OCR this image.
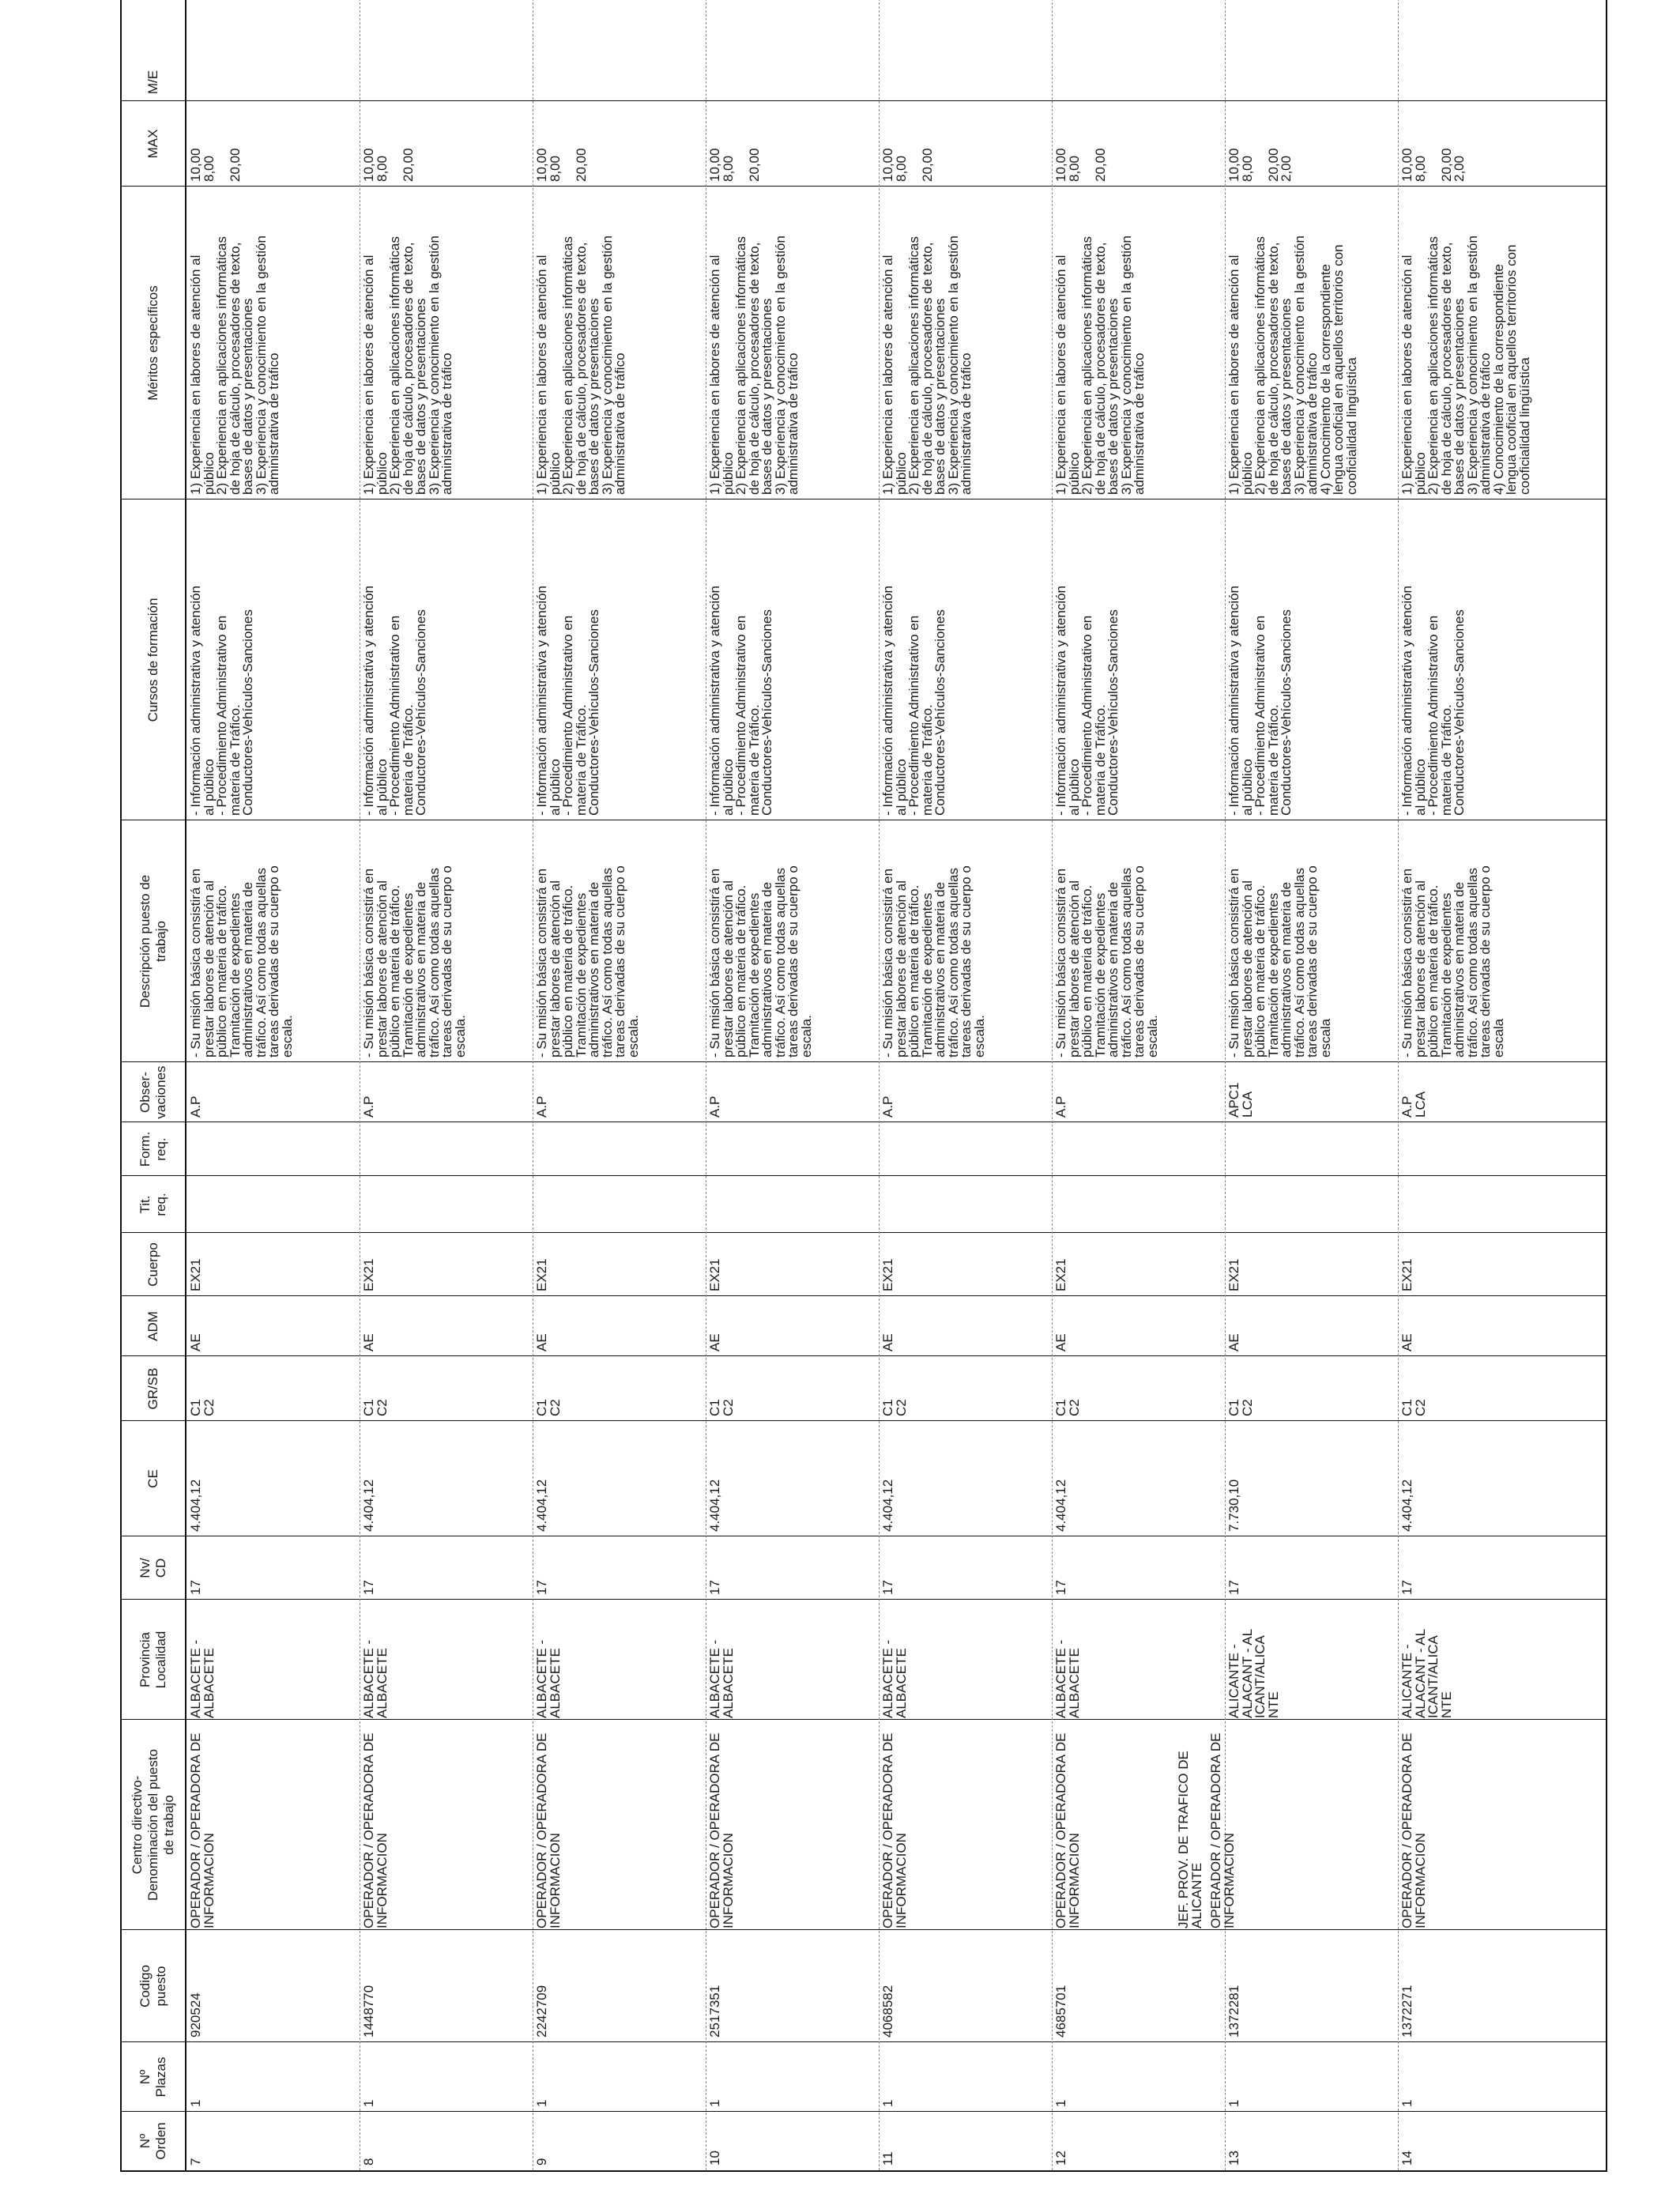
Nº
Orden
Nº
Plazas
Codigo
puesto
Centro directivo-
Denominación del puesto
de trabajo
Provincia
Localidad
Nv/
CD
CE
GR/SB
ADM
Cuerpo
Tit.
req.
Form.
req.
Obser-
vaciones
Descripción puesto de
trabajo
Cursos de formación
Méritos específicos
MAX
M/E
7
1
920524
OPERADOR / OPERADORA DE
INFORMACION
ALBACETE -
ALBACETE
17
4.404,12
C1
C2
AE
EX21
A.P
- Su misión básica consistirá en
prestar labores de atención al
público en materia de tráfico.
Tramitación de expedientes
administrativos en materia de
tráfico. Así como todas aquellas
tareas derivadas de su cuerpo o
escala.
- Información administrativa y atención
al público
- Procedimiento Administrativo en
materia de Tráfico.
Conductores-Vehículos-Sanciones
1) Experiencia en labores de atención al
público
2) Experiencia en aplicaciones informáticas
de hoja de cálculo, procesadores de texto,
bases de datos y presentaciones
3) Experiencia y conocimiento en la gestión
administrativa de tráfico
10,00
8,00

20,00
8
1
1448770
OPERADOR / OPERADORA DE
INFORMACION
ALBACETE -
ALBACETE
17
4.404,12
C1
C2
AE
EX21
A.P
- Su misión básica consistirá en
prestar labores de atención al
público en materia de tráfico.
Tramitación de expedientes
administrativos en materia de
tráfico. Así como todas aquellas
tareas derivadas de su cuerpo o
escala.
- Información administrativa y atención
al público
- Procedimiento Administrativo en
materia de Tráfico.
Conductores-Vehículos-Sanciones
1) Experiencia en labores de atención al
público
2) Experiencia en aplicaciones informáticas
de hoja de cálculo, procesadores de texto,
bases de datos y presentaciones
3) Experiencia y conocimiento en la gestión
administrativa de tráfico
10,00
8,00

20,00
9
1
2242709
OPERADOR / OPERADORA DE
INFORMACION
ALBACETE -
ALBACETE
17
4.404,12
C1
C2
AE
EX21
A.P
- Su misión básica consistirá en
prestar labores de atención al
público en materia de tráfico.
Tramitación de expedientes
administrativos en materia de
tráfico. Así como todas aquellas
tareas derivadas de su cuerpo o
escala.
- Información administrativa y atención
al público
- Procedimiento Administrativo en
materia de Tráfico.
Conductores-Vehículos-Sanciones
1) Experiencia en labores de atención al
público
2) Experiencia en aplicaciones informáticas
de hoja de cálculo, procesadores de texto,
bases de datos y presentaciones
3) Experiencia y conocimiento en la gestión
administrativa de tráfico
10,00
8,00

20,00
10
1
2517351
OPERADOR / OPERADORA DE
INFORMACION
ALBACETE -
ALBACETE
17
4.404,12
C1
C2
AE
EX21
A.P
- Su misión básica consistirá en
prestar labores de atención al
público en materia de tráfico.
Tramitación de expedientes
administrativos en materia de
tráfico. Así como todas aquellas
tareas derivadas de su cuerpo o
escala.
- Información administrativa y atención
al público
- Procedimiento Administrativo en
materia de Tráfico.
Conductores-Vehículos-Sanciones
1) Experiencia en labores de atención al
público
2) Experiencia en aplicaciones informáticas
de hoja de cálculo, procesadores de texto,
bases de datos y presentaciones
3) Experiencia y conocimiento en la gestión
administrativa de tráfico
10,00
8,00

20,00
11
1
4068582
OPERADOR / OPERADORA DE
INFORMACION
ALBACETE -
ALBACETE
17
4.404,12
C1
C2
AE
EX21
A.P
- Su misión básica consistirá en
prestar labores de atención al
público en materia de tráfico.
Tramitación de expedientes
administrativos en materia de
tráfico. Así como todas aquellas
tareas derivadas de su cuerpo o
escala.
- Información administrativa y atención
al público
- Procedimiento Administrativo en
materia de Tráfico.
Conductores-Vehículos-Sanciones
1) Experiencia en labores de atención al
público
2) Experiencia en aplicaciones informáticas
de hoja de cálculo, procesadores de texto,
bases de datos y presentaciones
3) Experiencia y conocimiento en la gestión
administrativa de tráfico
10,00
8,00

20,00
12
1
4685701
OPERADOR / OPERADORA DE
INFORMACION
ALBACETE -
ALBACETE
17
4.404,12
C1
C2
AE
EX21
A.P
- Su misión básica consistirá en
prestar labores de atención al
público en materia de tráfico.
Tramitación de expedientes
administrativos en materia de
tráfico. Así como todas aquellas
tareas derivadas de su cuerpo o
escala.
- Información administrativa y atención
al público
- Procedimiento Administrativo en
materia de Tráfico.
Conductores-Vehículos-Sanciones
1) Experiencia en labores de atención al
público
2) Experiencia en aplicaciones informáticas
de hoja de cálculo, procesadores de texto,
bases de datos y presentaciones
3) Experiencia y conocimiento en la gestión
administrativa de tráfico
10,00
8,00

20,00
13
1
1372281
JEF. PROV. DE TRAFICO DE
ALICANTE OPERADOR / OPERADORA DE
INFORMACION
ALICANTE -
ALACANT - AL
ICANT/ALICA
NTE
17
7.730,10
C1
C2
AE
EX21
APC1
LCA
- Su misión básica consistirá en
prestar labores de atención al
público en materia de tráfico.
Tramitación de expedientes
administrativos en materia de
tráfico. Así como todas aquellas
tareas derivadas de su cuerpo o
escala
- Información administrativa y atención
al público
- Procedimiento Administrativo en
materia de Tráfico.
Conductores-Vehículos-Sanciones
1) Experiencia en labores de atención al
público
2) Experiencia en aplicaciones informáticas
de hoja de cálculo, procesadores de texto,
bases de datos y presentaciones
3) Experiencia y conocimiento en la gestión
administrativa de tráfico
4) Conocimiento de la correspondiente
lengua cooficial en aquellos territorios con
cooficialidad lingüística
10,00
8,00

20,00
2,00
14
1
1372271
OPERADOR / OPERADORA DE
INFORMACION
ALICANTE -
ALACANT - AL
ICANT/ALICA
NTE
17
4.404,12
C1
C2
AE
EX21
A.P
LCA
- Su misión básica consistirá en
prestar labores de atención al
público en materia de tráfico.
Tramitación de expedientes
administrativos en materia de
tráfico. Así como todas aquellas
tareas derivadas de su cuerpo o
escala
- Información administrativa y atención
al público
- Procedimiento Administrativo en
materia de Tráfico.
Conductores-Vehículos-Sanciones
1) Experiencia en labores de atención al
público
2) Experiencia en aplicaciones informáticas
de hoja de cálculo, procesadores de texto,
bases de datos y presentaciones
3) Experiencia y conocimiento en la gestión
administrativa de tráfico
4) Conocimiento de la correspondiente
lengua cooficial en aquellos territorios con
cooficialidad lingüística
10,00
8,00

20,00
2,00
